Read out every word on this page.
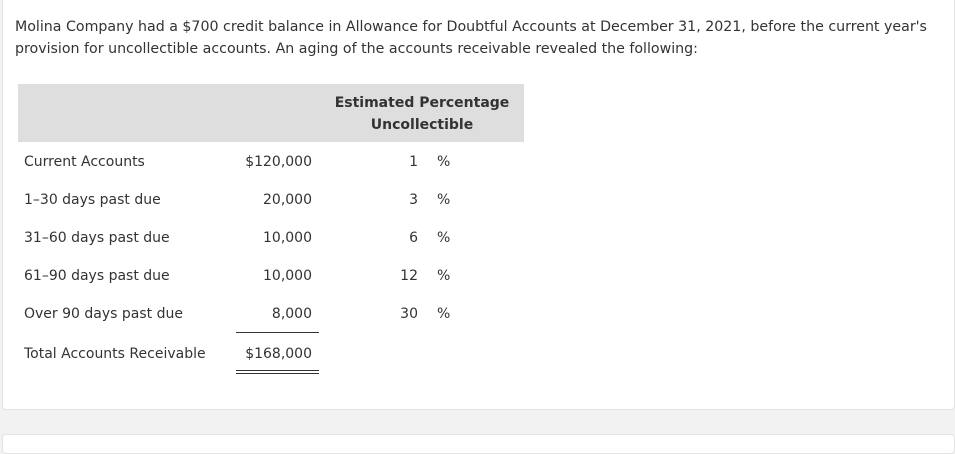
Molina Company had a $700 credit balance in Allowance for Doubtful Accounts at December 31, 2021, before the current year's provision for uncollectible accounts. An aging of the accounts receivable revealed the following:
Estimated Percentage
Uncollectible
Current Accounts	$120,000	1 %
1–30 days past due	20,000	3 %
31–60 days past due	10,000	6 %
61–90 days past due	10,000	12 %
Over 90 days past due	8,000	30 %
Total Accounts Receivable	$168,000
